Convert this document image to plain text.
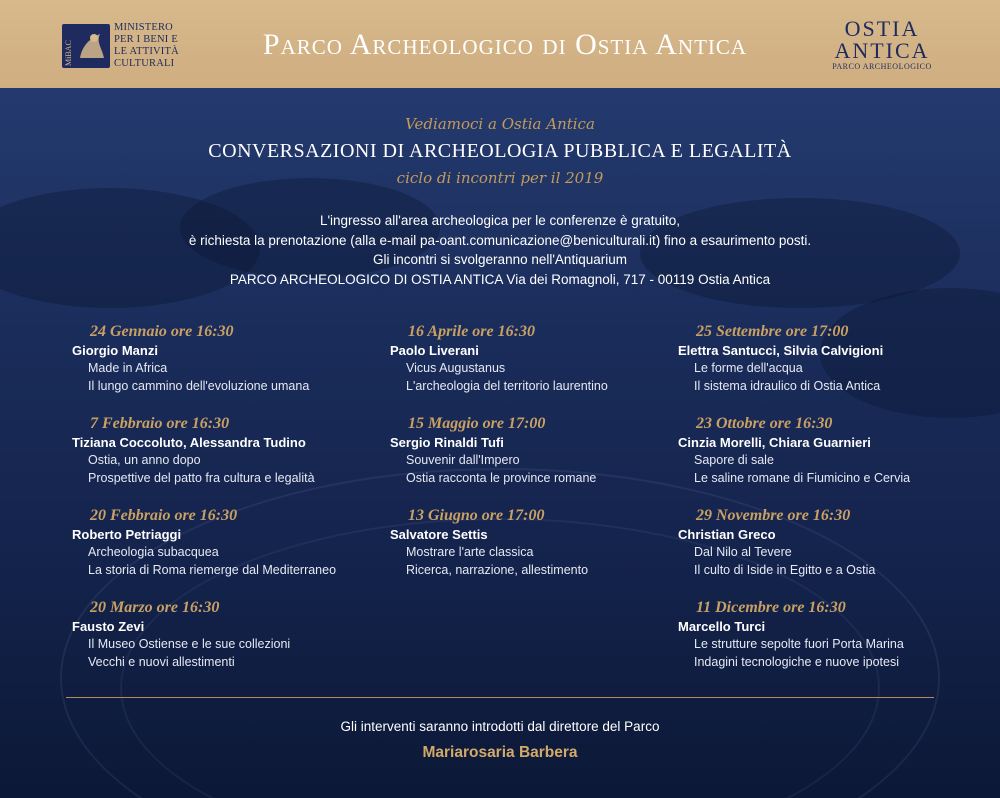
MiBAC
MINISTERO
PER I BENI E
LE ATTIVITÀ
CULTURALI
Parco Archeologico di Ostia Antica	OSTIA
ANTICA
PARCO ARCHEOLOGICO
Vediamoci a Ostia Antica
CONVERSAZIONI DI ARCHEOLOGIA PUBBLICA E LEGALITÀ
ciclo di incontri per il 2019
L'ingresso all'area archeologica per le conferenze è gratuito,
è richiesta la prenotazione (alla e-mail pa-oant.comunicazione@beniculturali.it) fino a esaurimento posti.
Gli incontri si svolgeranno nell'Antiquarium
PARCO ARCHEOLOGICO DI OSTIA ANTICA Via dei Romagnoli, 717 - 00119 Ostia Antica
24 Gennaio ore 16:30
Giorgio Manzi
Made in Africa
Il lungo cammino dell'evoluzione umana
7 Febbraio ore 16:30
Tiziana Coccoluto, Alessandra Tudino
Ostia, un anno dopo
Prospettive del patto fra cultura e legalità
20 Febbraio ore 16:30
Roberto Petriaggi
Archeologia subacquea
La storia di Roma riemerge dal Mediterraneo
20 Marzo ore 16:30
Fausto Zevi
Il Museo Ostiense e le sue collezioni
Vecchi e nuovi allestimenti
16 Aprile ore 16:30
Paolo Liverani
Vicus Augustanus
L'archeologia del territorio laurentino
15 Maggio ore 17:00
Sergio Rinaldi Tufi
Souvenir dall'Impero
Ostia racconta le province romane
13 Giugno ore 17:00
Salvatore Settis
Mostrare l'arte classica
Ricerca, narrazione, allestimento
25 Settembre ore 17:00
Elettra Santucci, Silvia Calvigioni
Le forme dell'acqua
Il sistema idraulico di Ostia Antica
23 Ottobre ore 16:30
Cinzia Morelli, Chiara Guarnieri
Sapore di sale
Le saline romane di Fiumicino e Cervia
29 Novembre ore 16:30
Christian Greco
Dal Nilo al Tevere
Il culto di Iside in Egitto e a Ostia
11 Dicembre ore 16:30
Marcello Turci
Le strutture sepolte fuori Porta Marina
Indagini tecnologiche e nuove ipotesi
Gli interventi saranno introdotti dal direttore del Parco
Mariarosaria Barbera
